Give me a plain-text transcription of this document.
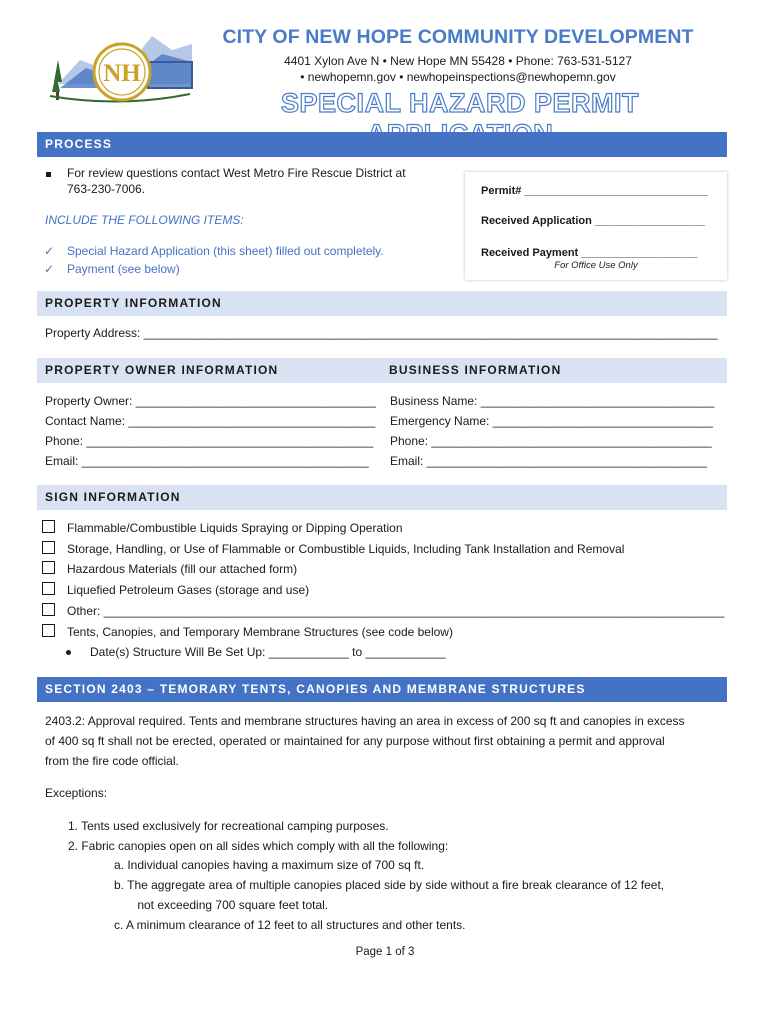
NH
CITY OF NEW HOPE COMMUNITY DEVELOPMENT
4401 Xylon Ave N • New Hope MN 55428 • Phone: 763-531-5127
• newhopemn.gov • newhopeinspections@newhopemn.gov
SPECIAL HAZARD PERMIT
PROCESS
For review questions contact West Metro Fire Rescue District at
763-230-7006.
INCLUDE THE FOLLOWING ITEMS:
✓ Special Hazard Application (this sheet) filled out completely.
✓ Payment (see below)
Permit# ______________________________
Received Application __________________
Received Payment ___________________
For Office Use Only
PROPERTY INFORMATION
Property Address: ______________________________________________________________________________________
PROPERTY OWNER INFORMATION	BUSINESS INFORMATION
Property Owner: ____________________________________
Contact Name: _____________________________________
Phone: ___________________________________________
Email: ___________________________________________
Business Name: ___________________________________
Emergency Name: _________________________________
Phone: __________________________________________
Email: __________________________________________
SIGN INFORMATION
Flammable/Combustible Liquids Spraying or Dipping Operation
Storage, Handling, or Use of Flammable or Combustible Liquids, Including Tank Installation and Removal
Hazardous Materials (fill our attached form)
Liquefied Petroleum Gases (storage and use)
Other: _____________________________________________________________________________________________
Tents, Canopies, and Temporary Membrane Structures (see code below)
Date(s) Structure Will Be Set Up: ____________ to ____________
SECTION 2403 – TEMORARY TENTS, CANOPIES AND MEMBRANE STRUCTURES
2403.2: Approval required. Tents and membrane structures having an area in excess of 200 sq ft and canopies in excess
of 400 sq ft shall not be erected, operated or maintained for any purpose without first obtaining a permit and approval
from the fire code official.
Exceptions:
1. Tents used exclusively for recreational camping purposes.
2. Fabric canopies open on all sides which comply with all the following:
a. Individual canopies having a maximum size of 700 sq ft.
b. The aggregate area of multiple canopies placed side by side without a fire break clearance of 12 feet,
not exceeding 700 square feet total.
c. A minimum clearance of 12 feet to all structures and other tents.
Page 1 of 3
